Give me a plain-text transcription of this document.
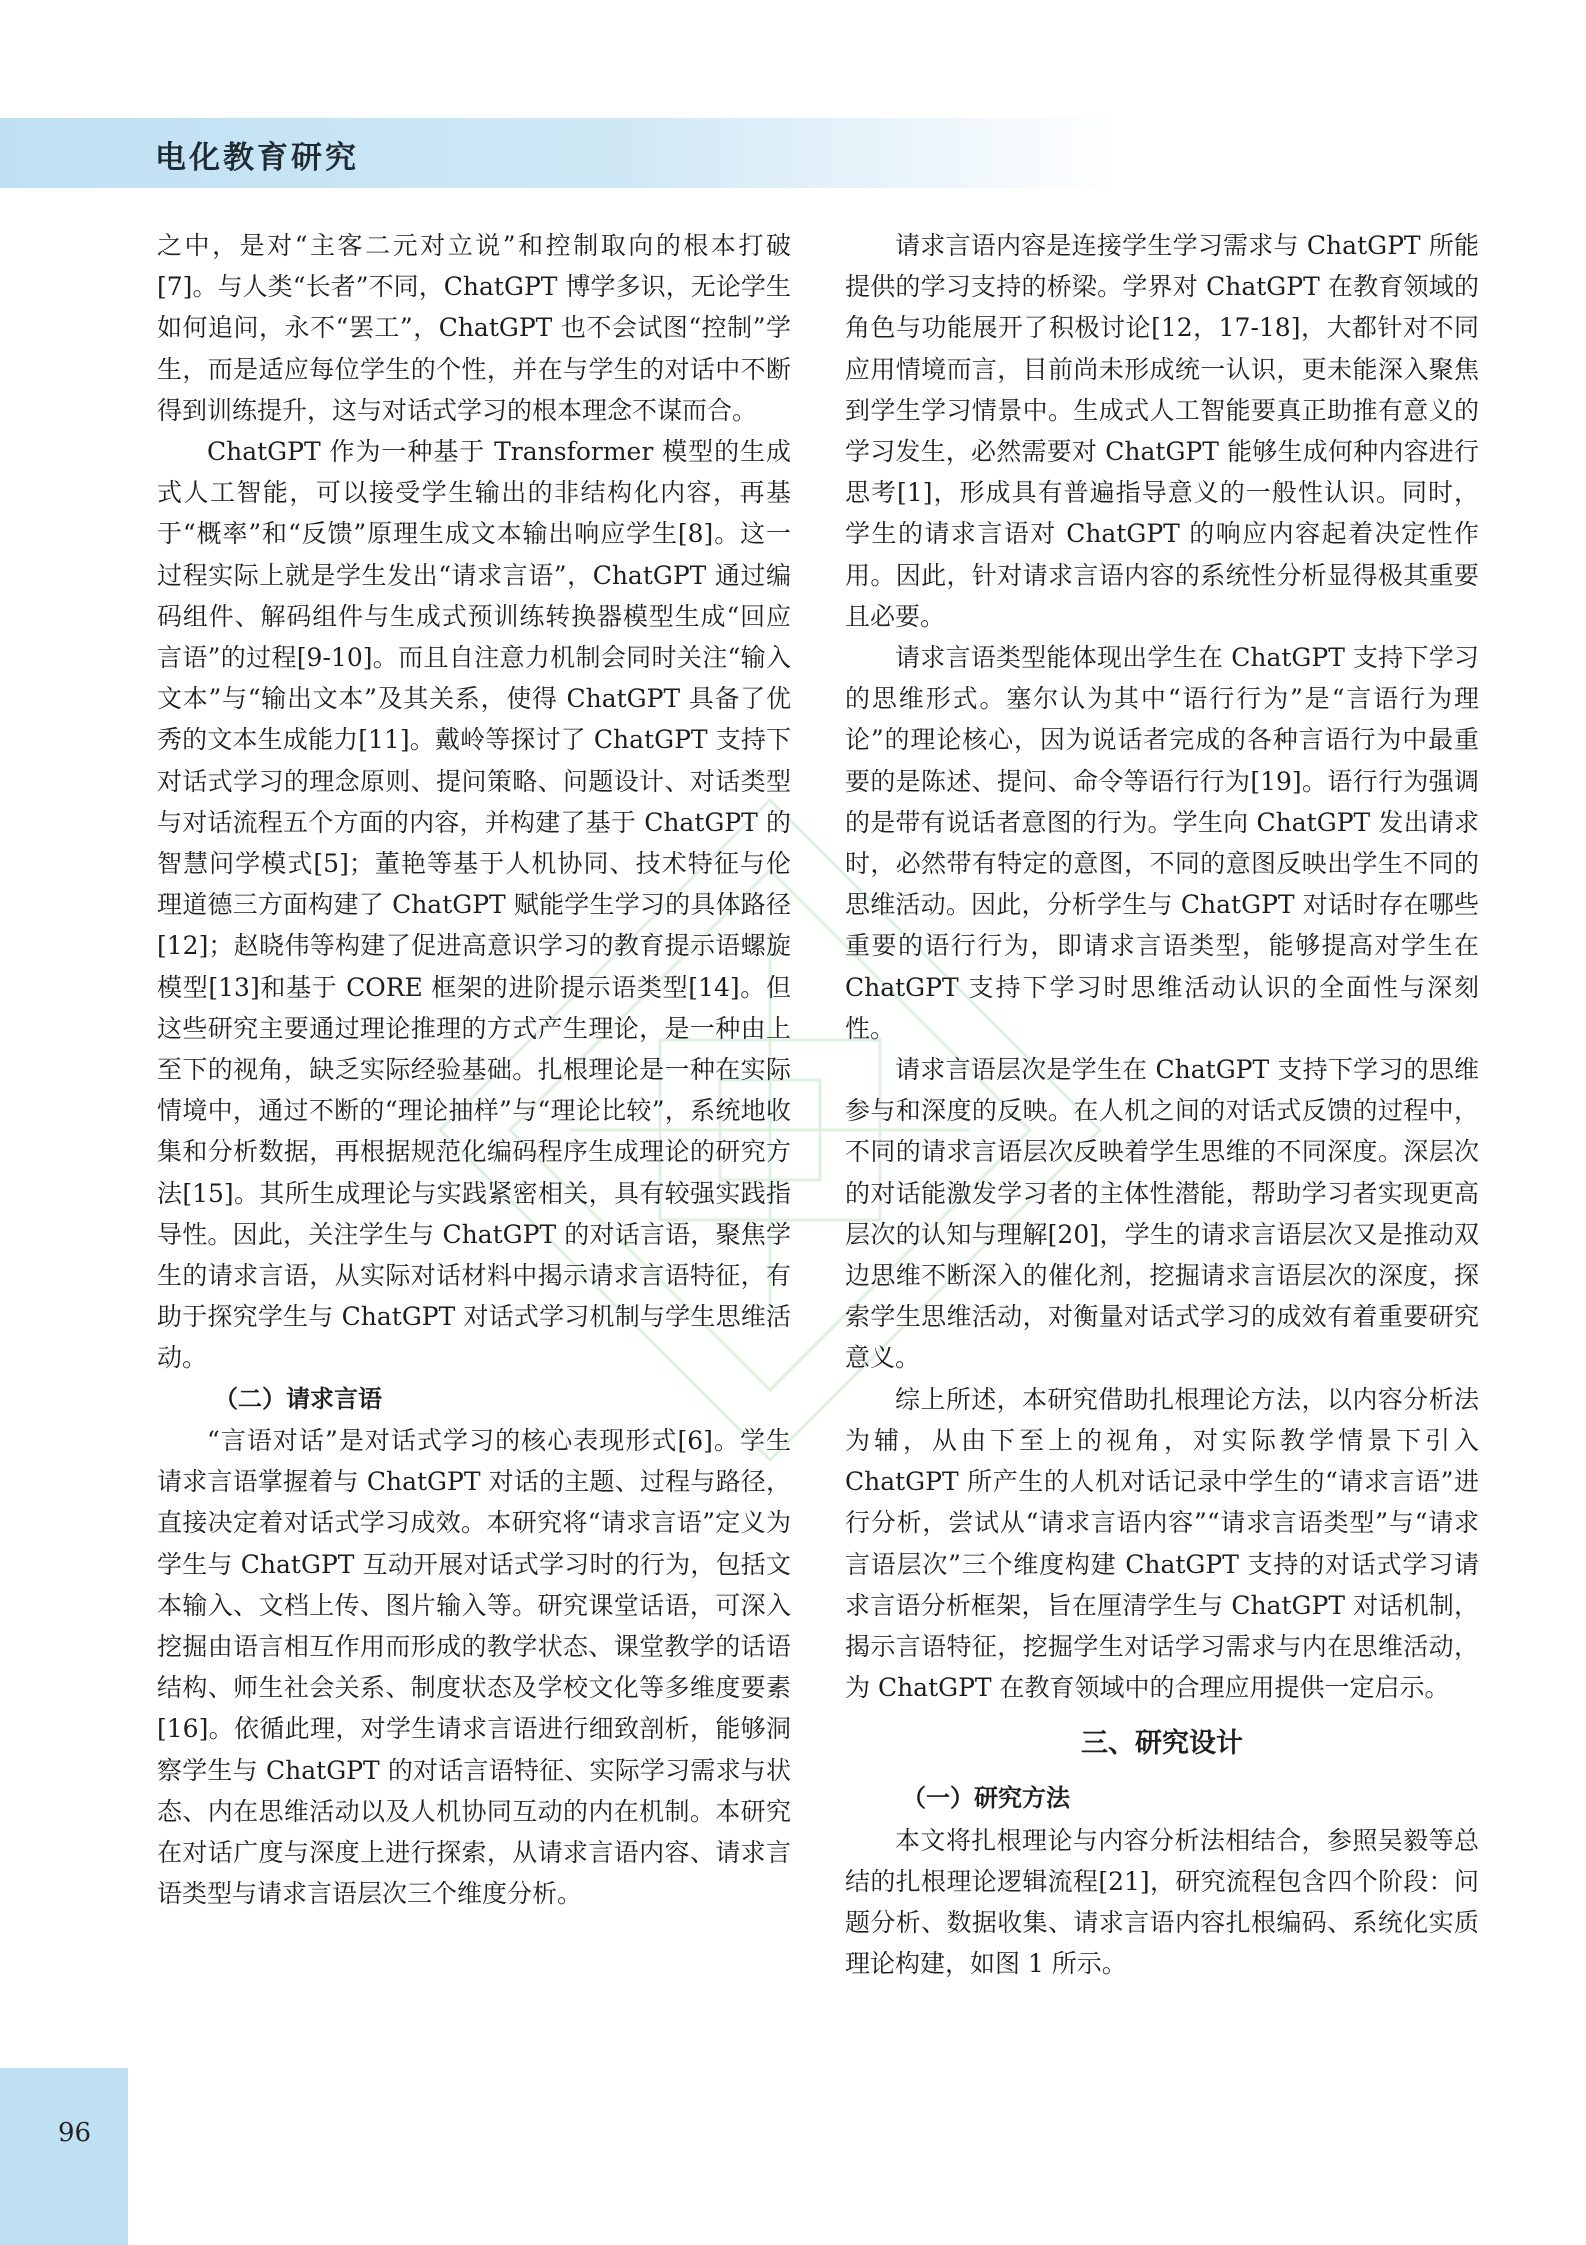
电化教育研究

之中，是对“主客二元对立说”和控制取向的根本打破[7]。与人类“长者”不同，ChatGPT 博学多识，无论学生如何追问，永不“罢工”，ChatGPT 也不会试图“控制”学生，而是适应每位学生的个性，并在与学生的对话中不断得到训练提升，这与对话式学习的根本理念不谋而合。

ChatGPT 作为一种基于 Transformer 模型的生成式人工智能，可以接受学生输出的非结构化内容，再基于“概率”和“反馈”原理生成文本输出响应学生[8]。这一过程实际上就是学生发出“请求言语”，ChatGPT 通过编码组件、解码组件与生成式预训练转换器模型生成“回应言语”的过程[9-10]。而且自注意力机制会同时关注“输入文本”与“输出文本”及其关系，使得 ChatGPT 具备了优秀的文本生成能力[11]。戴岭等探讨了 ChatGPT 支持下对话式学习的理念原则、提问策略、问题设计、对话类型与对话流程五个方面的内容，并构建了基于 ChatGPT 的智慧问学模式[5]；董艳等基于人机协同、技术特征与伦理道德三方面构建了 ChatGPT 赋能学生学习的具体路径[12]；赵晓伟等构建了促进高意识学习的教育提示语螺旋模型[13]和基于 CORE 框架的进阶提示语类型[14]。但这些研究主要通过理论推理的方式产生理论，是一种由上至下的视角，缺乏实际经验基础。扎根理论是一种在实际情境中，通过不断的“理论抽样”与“理论比较”，系统地收集和分析数据，再根据规范化编码程序生成理论的研究方法[15]。其所生成理论与实践紧密相关，具有较强实践指导性。因此，关注学生与 ChatGPT 的对话言语，聚焦学生的请求言语，从实际对话材料中揭示请求言语特征，有助于探究学生与 ChatGPT 对话式学习机制与学生思维活动。

（二）请求言语

“言语对话”是对话式学习的核心表现形式[6]。学生请求言语掌握着与 ChatGPT 对话的主题、过程与路径，直接决定着对话式学习成效。本研究将“请求言语”定义为学生与 ChatGPT 互动开展对话式学习时的行为，包括文本输入、文档上传、图片输入等。研究课堂话语，可深入挖掘由语言相互作用而形成的教学状态、课堂教学的话语结构、师生社会关系、制度状态及学校文化等多维度要素[16]。依循此理，对学生请求言语进行细致剖析，能够洞察学生与 ChatGPT 的对话言语特征、实际学习需求与状态、内在思维活动以及人机协同互动的内在机制。本研究在对话广度与深度上进行探索，从请求言语内容、请求言语类型与请求言语层次三个维度分析。

请求言语内容是连接学生学习需求与 ChatGPT 所能提供的学习支持的桥梁。学界对 ChatGPT 在教育领域的角色与功能展开了积极讨论[12，17-18]，大都针对不同应用情境而言，目前尚未形成统一认识，更未能深入聚焦到学生学习情景中。生成式人工智能要真正助推有意义的学习发生，必然需要对 ChatGPT 能够生成何种内容进行思考[1]，形成具有普遍指导意义的一般性认识。同时，学生的请求言语对 ChatGPT 的响应内容起着决定性作用。因此，针对请求言语内容的系统性分析显得极其重要且必要。

请求言语类型能体现出学生在 ChatGPT 支持下学习的思维形式。塞尔认为其中“语行行为”是“言语行为理论”的理论核心，因为说话者完成的各种言语行为中最重要的是陈述、提问、命令等语行行为[19]。语行行为强调的是带有说话者意图的行为。学生向 ChatGPT 发出请求时，必然带有特定的意图，不同的意图反映出学生不同的思维活动。因此，分析学生与 ChatGPT 对话时存在哪些重要的语行行为，即请求言语类型，能够提高对学生在 ChatGPT 支持下学习时思维活动认识的全面性与深刻性。

请求言语层次是学生在 ChatGPT 支持下学习的思维参与和深度的反映。在人机之间的对话式反馈的过程中，不同的请求言语层次反映着学生思维的不同深度。深层次的对话能激发学习者的主体性潜能，帮助学习者实现更高层次的认知与理解[20]，学生的请求言语层次又是推动双边思维不断深入的催化剂，挖掘请求言语层次的深度，探索学生思维活动，对衡量对话式学习的成效有着重要研究意义。

综上所述，本研究借助扎根理论方法，以内容分析法为辅，从由下至上的视角，对实际教学情景下引入 ChatGPT 所产生的人机对话记录中学生的“请求言语”进行分析，尝试从“请求言语内容”“请求言语类型”与“请求言语层次”三个维度构建 ChatGPT 支持的对话式学习请求言语分析框架，旨在厘清学生与 ChatGPT 对话机制，揭示言语特征，挖掘学生对话学习需求与内在思维活动，为 ChatGPT 在教育领域中的合理应用提供一定启示。

三、研究设计
（一）研究方法

本文将扎根理论与内容分析法相结合，参照吴毅等总结的扎根理论逻辑流程[21]，研究流程包含四个阶段：问题分析、数据收集、请求言语内容扎根编码、系统化实质理论构建，如图 1 所示。

96
